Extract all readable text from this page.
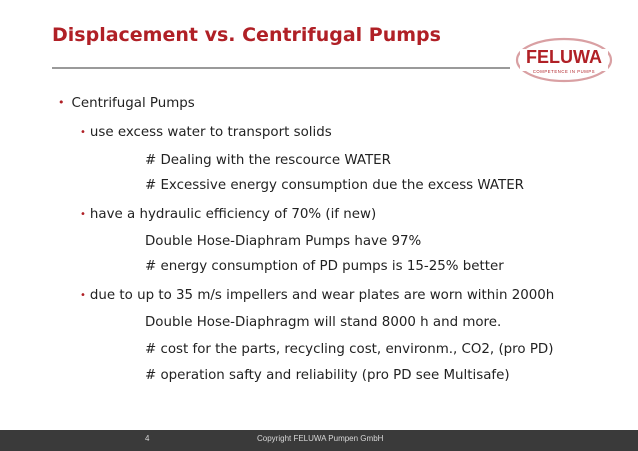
Displacement vs. Centrifugal Pumps
FELUWA
COMPETENCE IN PUMPS
• Centrifugal Pumps
• use excess water to transport solids
# Dealing with the rescource WATER
# Excessive energy consumption due the excess WATER
• have a hydraulic efficiency of 70% (if new)
Double Hose-Diaphram Pumps have 97%
# energy consumption of PD pumps is 15-25% better
• due to up to 35 m/s impellers and wear plates are worn within 2000h
Double Hose-Diaphragm will stand 8000 h and more.
# cost for the parts, recycling cost, environm., CO2, (pro PD)
# operation safty and reliability (pro PD see Multisafe)
4	Copyright FELUWA Pumpen GmbH
